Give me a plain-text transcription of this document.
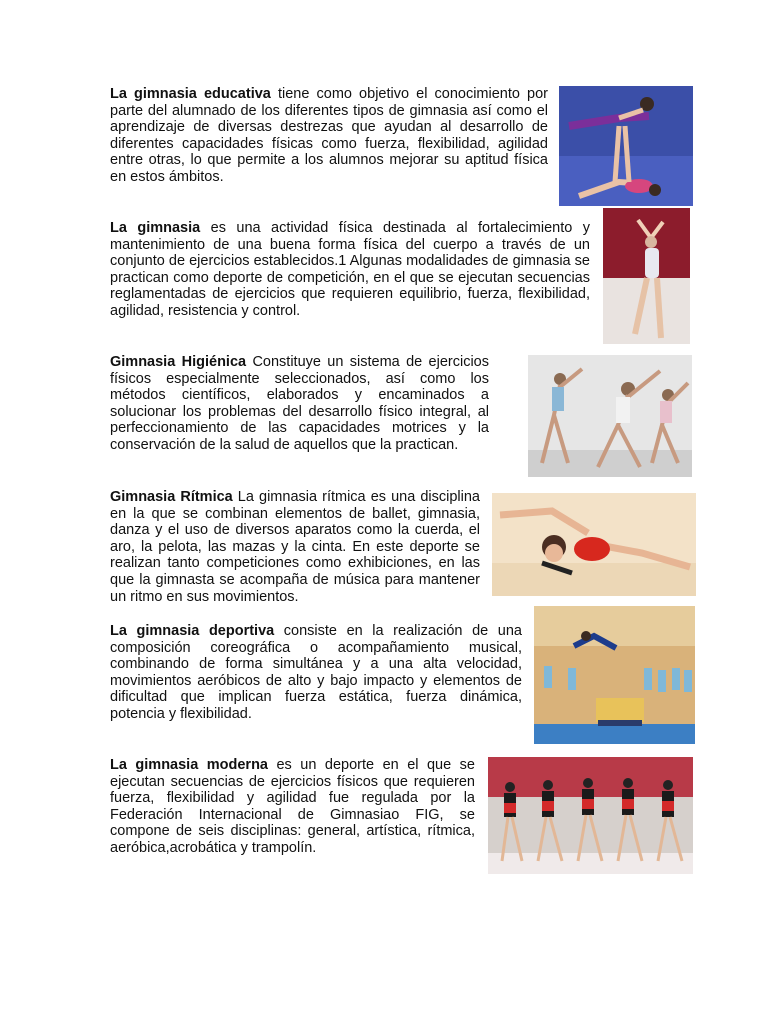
La gimnasia educativa tiene como objetivo el conocimiento por parte del alumnado de los diferentes tipos de gimnasia así como el aprendizaje de diversas destrezas que ayudan al desarrollo de diferentes capacidades físicas como fuerza, flexibilidad, agilidad entre otras, lo que permite a los alumnos mejorar su aptitud física en estos ámbitos.

La gimnasia es una actividad física destinada al fortalecimiento y mantenimiento de una buena forma física del cuerpo a través de un conjunto de ejercicios establecidos.1 Algunas modalidades de gimnasia se practican como deporte de competición, en el que se ejecutan secuencias reglamentadas de ejercicios que requieren equilibrio, fuerza, flexibilidad, agilidad, resistencia y control.

Gimnasia Higiénica Constituye un sistema de ejercicios físicos especialmente seleccionados, así como los métodos científicos, elaborados y encaminados a solucionar los problemas del desarrollo físico integral, al perfeccionamiento de las capacidades motrices y la conservación de la salud de aquellos que la practican.

Gimnasia Rítmica La gimnasia rítmica es una disciplina en la que se combinan elementos de ballet, gimnasia, danza y el uso de diversos aparatos como la cuerda, el aro, la pelota, las mazas y la cinta. En este deporte se realizan tanto competiciones como exhibiciones, en las que la gimnasta se acompaña de música para mantener un ritmo en sus movimientos.

La gimnasia deportiva consiste en la realización de una composición coreográfica o acompañamiento musical, combinando de forma simultánea y a una alta velocidad, movimientos aeróbicos de alto y bajo impacto y elementos de dificultad que implican fuerza estática, fuerza dinámica, potencia y flexibilidad.

La gimnasia moderna es un deporte en el que se ejecutan secuencias de ejercicios físicos que requieren fuerza, flexibilidad y agilidad fue regulada por la Federación Internacional de Gimnasiao FIG, se compone de seis disciplinas: general, artística, rítmica, aeróbica,acrobática y trampolín.
